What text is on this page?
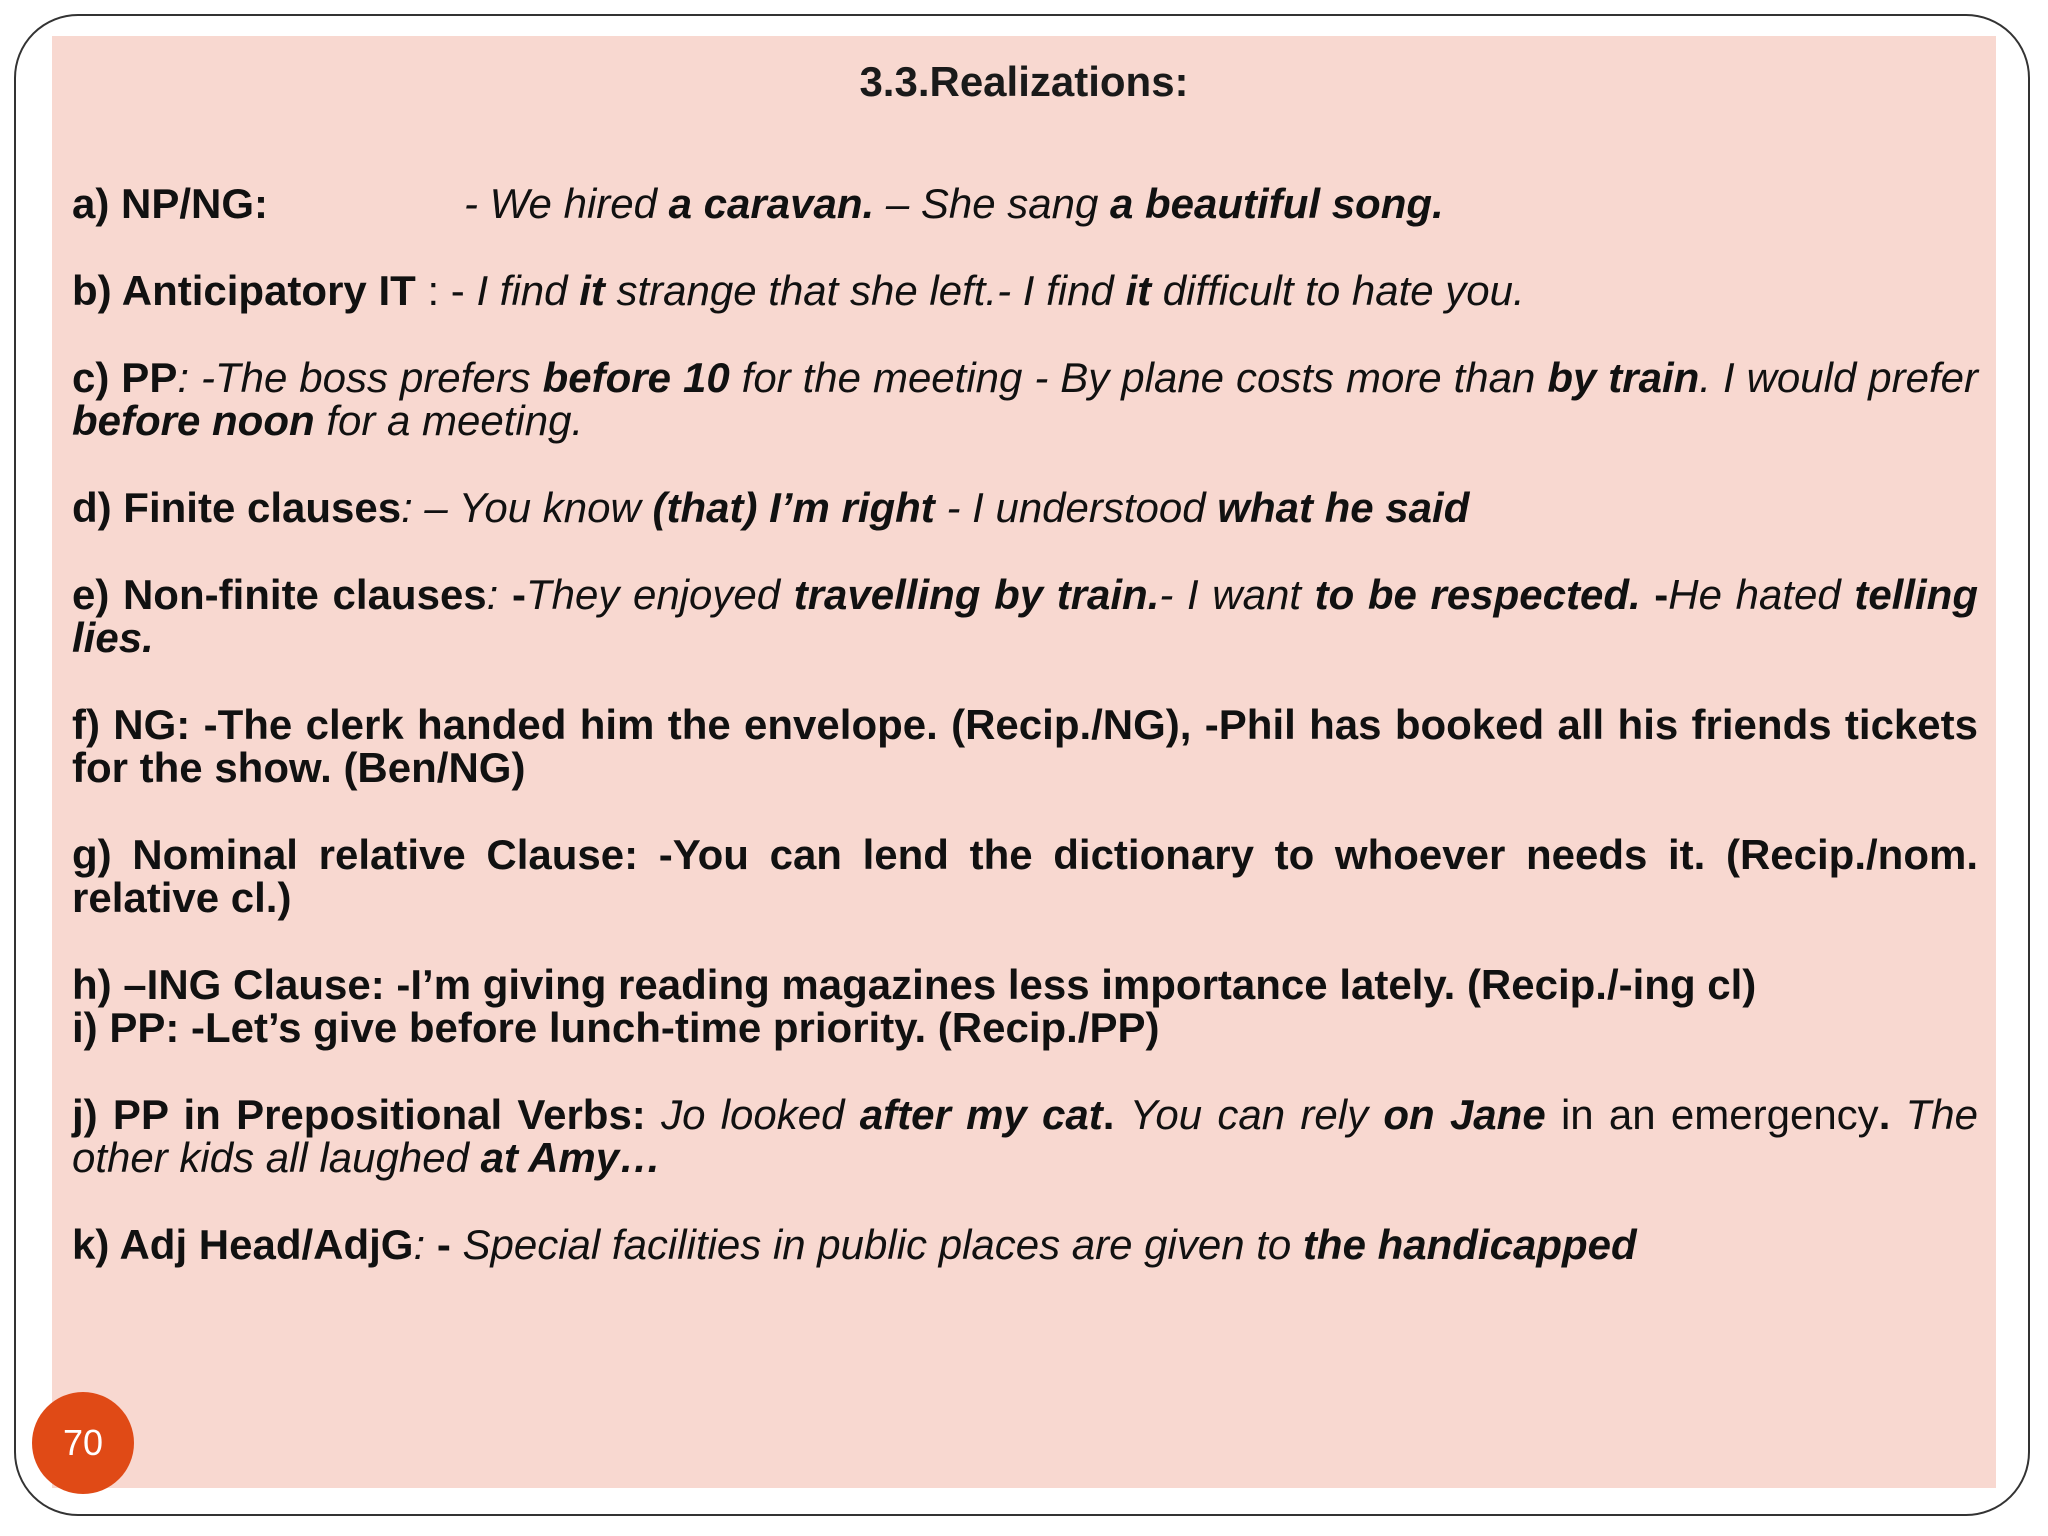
3.3.Realizations:

a) NP/NG:	- We hired a caravan. – She sang a beautiful song.

b) Anticipatory IT : - I find it strange that she left.- I find it difficult to hate you.

c) PP: -The boss prefers before 10 for the meeting - By plane costs more than by train. I would prefer before noon for a meeting.

d) Finite clauses: – You know (that) I’m right - I understood what he said

e) Non-finite clauses: -They enjoyed travelling by train.- I want to be respected. -He hated telling lies.

f) NG: -The clerk handed him the envelope. (Recip./NG), -Phil has booked all his friends tickets for the show. (Ben/NG)

g) Nominal relative Clause: -You can lend the dictionary to whoever needs it. (Recip./nom. relative cl.)

h) –ING Clause: -I’m giving reading magazines less importance lately. (Recip./-ing cl)

i) PP: -Let’s give before lunch-time priority. (Recip./PP)

j) PP in Prepositional Verbs: Jo looked after my cat. You can rely on Jane in an emergency. The other kids all laughed at Amy…

k) Adj Head/AdjG: - Special facilities in public places are given to the handicapped

70
